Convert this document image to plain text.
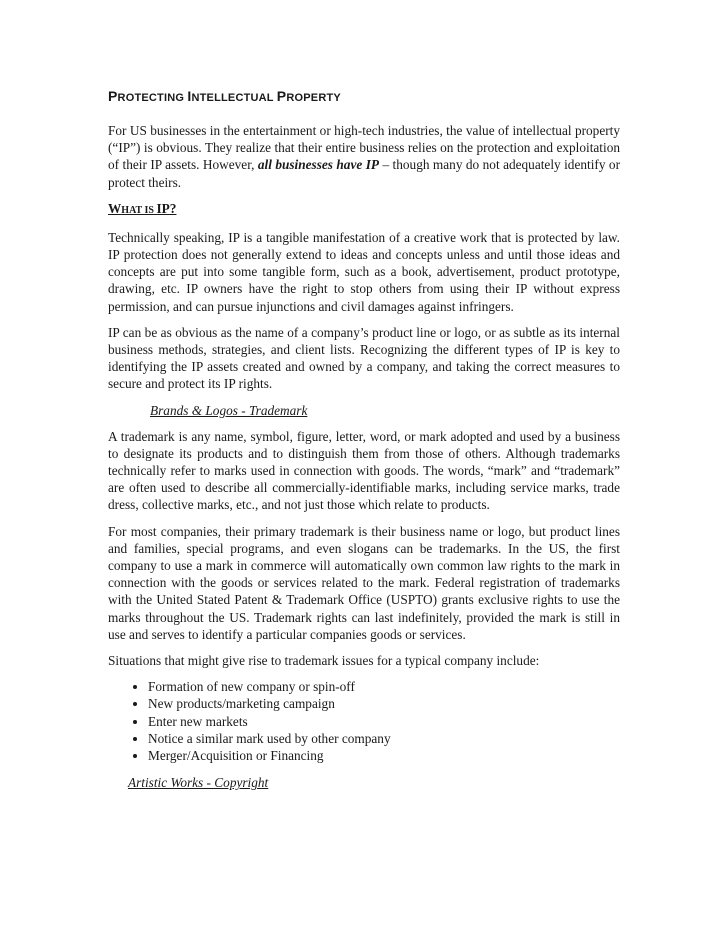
PROTECTING INTELLECTUAL PROPERTY

For US businesses in the entertainment or high-tech industries, the value of intellectual property (“IP”) is obvious. They realize that their entire business relies on the protection and exploitation of their IP assets. However, all businesses have IP – though many do not adequately identify or protect theirs.

WHAT IS IP?

Technically speaking, IP is a tangible manifestation of a creative work that is protected by law. IP protection does not generally extend to ideas and concepts unless and until those ideas and concepts are put into some tangible form, such as a book, advertisement, product prototype, drawing, etc. IP owners have the right to stop others from using their IP without express permission, and can pursue injunctions and civil damages against infringers.

IP can be as obvious as the name of a company’s product line or logo, or as subtle as its internal business methods, strategies, and client lists. Recognizing the different types of IP is key to identifying the IP assets created and owned by a company, and taking the correct measures to secure and protect its IP rights.

Brands & Logos - Trademark

A trademark is any name, symbol, figure, letter, word, or mark adopted and used by a business to designate its products and to distinguish them from those of others. Although trademarks technically refer to marks used in connection with goods. The words, “mark” and “trademark” are often used to describe all commercially-identifiable marks, including service marks, trade dress, collective marks, etc., and not just those which relate to products.

For most companies, their primary trademark is their business name or logo, but product lines and families, special programs, and even slogans can be trademarks. In the US, the first company to use a mark in commerce will automatically own common law rights to the mark in connection with the goods or services related to the mark. Federal registration of trademarks with the United Stated Patent & Trademark Office (USPTO) grants exclusive rights to use the marks throughout the US. Trademark rights can last indefinitely, provided the mark is still in use and serves to identify a particular companies goods or services.

Situations that might give rise to trademark issues for a typical company include:

• Formation of new company or spin-off
• New products/marketing campaign
• Enter new markets
• Notice a similar mark used by other company
• Merger/Acquisition or Financing
Artistic Works - Copyright
